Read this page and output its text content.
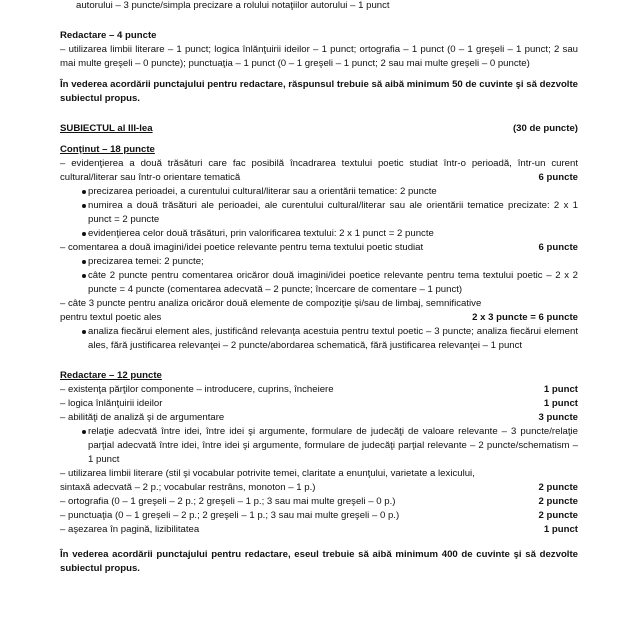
autorului – 3 puncte/simpla precizare a rolului notaţiilor autorului – 1 punct
Redactare – 4 puncte
– utilizarea limbii literare – 1 punct; logica înlănţuirii ideilor – 1 punct; ortografia – 1 punct (0 – 1 greşeli – 1 punct; 2 sau mai multe greşeli – 0 puncte); punctuaţia – 1 punct (0 – 1 greşeli – 1 punct; 2 sau mai multe greşeli – 0 puncte)
În vederea acordării punctajului pentru redactare, răspunsul trebuie să aibă minimum 50 de cuvinte şi să dezvolte subiectul propus.
SUBIECTUL al III-lea	(30 de puncte)
Conţinut – 18 puncte
– evidenţierea a două trăsături care fac posibilă încadrarea textului poetic studiat într-o perioadă, într-un curent cultural/literar sau într-o orientare tematică	6 puncte
precizarea perioadei, a curentului cultural/literar sau a orientării tematice: 2 puncte
numirea a două trăsături ale perioadei, ale curentului cultural/literar sau ale orientării tematice precizate: 2 x 1 punct = 2 puncte
evidenţierea celor două trăsături, prin valorificarea textului: 2 x 1 punct = 2 puncte
– comentarea a două imagini/idei poetice relevante pentru tema textului poetic studiat	6 puncte
precizarea temei: 2 puncte;
câte 2 puncte pentru comentarea oricăror două imagini/idei poetice relevante pentru tema textului poetic – 2 x 2 puncte = 4 puncte (comentarea adecvată – 2 puncte; încercare de comentare – 1 punct)
– câte 3 puncte pentru analiza oricăror două elemente de compoziţie şi/sau de limbaj, semnificative
pentru textul poetic ales	2 x 3 puncte = 6 puncte
analiza fiecărui element ales, justificând relevanţa acestuia pentru textul poetic – 3 puncte; analiza fiecărui element ales, fără justificarea relevanţei – 2 puncte/abordarea schematică, fără justificarea relevanţei – 1 punct
Redactare – 12 puncte
– existenţa părţilor componente – introducere, cuprins, încheiere	1 punct
– logica înlănţuirii ideilor	1 punct
– abilităţi de analiză şi de argumentare	3 puncte
relaţie adecvată între idei, între idei şi argumente, formulare de judecăţi de valoare relevante – 3 puncte/relaţie parţial adecvată între idei, între idei şi argumente, formulare de judecăţi parţial relevante – 2 puncte/schematism – 1 punct
– utilizarea limbii literare (stil şi vocabular potrivite temei, claritate a enunţului, varietate a lexicului,
sintaxă adecvată – 2 p.; vocabular restrâns, monoton – 1 p.)	2 puncte
– ortografia (0 – 1 greşeli – 2 p.; 2 greşeli – 1 p.; 3 sau mai multe greşeli – 0 p.)	2 puncte
– punctuaţia (0 – 1 greşeli – 2 p.; 2 greşeli – 1 p.; 3 sau mai multe greşeli – 0 p.)	2 puncte
– aşezarea în pagină, lizibilitatea	1 punct
În vederea acordării punctajului pentru redactare, eseul trebuie să aibă minimum 400 de cuvinte şi să dezvolte subiectul propus.
